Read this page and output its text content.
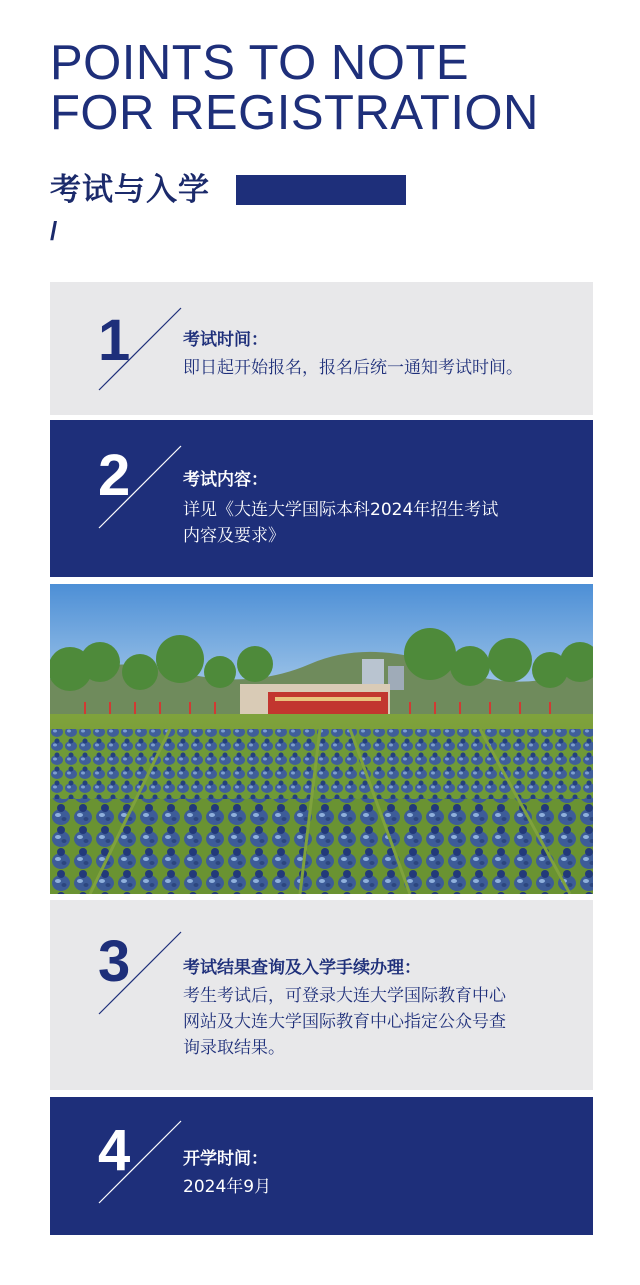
POINTS TO NOTE
FOR REGISTRATION
考试与入学
/
1	考试时间：

即日起开始报名，报名后统一通知考试时间。

2	考试内容：

详见《大连大学国际本科2024年招生考试
内容及要求》

3	考试结果查询及入学手续办理：

考生考试后，可登录大连大学国际教育中心
网站及大连大学国际教育中心指定公众号查
询录取结果。

4	开学时间：

2024年9月
